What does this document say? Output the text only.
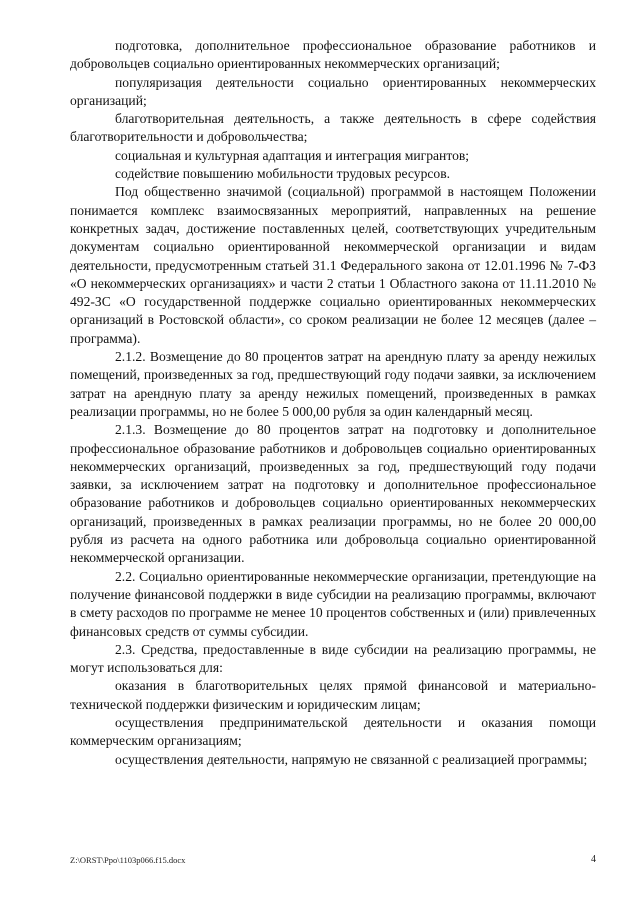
подготовка, дополнительное профессиональное образование работников и добровольцев социально ориентированных некоммерческих организаций;

популяризация деятельности социально ориентированных некоммерческих организаций;

благотворительная деятельность, а также деятельность в сфере содействия благотворительности и добровольчества;

социальная и культурная адаптация и интеграция мигрантов;

содействие повышению мобильности трудовых ресурсов.

Под общественно значимой (социальной) программой в настоящем Положении понимается комплекс взаимосвязанных мероприятий, направленных на решение конкретных задач, достижение поставленных целей, соответствующих учредительным документам социально ориентированной некоммерческой организации и видам деятельности, предусмотренным статьей 31.1 Федерального закона от 12.01.1996 № 7-ФЗ «О некоммерческих организациях» и части 2 статьи 1 Областного закона от 11.11.2010 № 492-ЗС «О государственной поддержке социально ориентированных некоммерческих организаций в Ростовской области», со сроком реализации не более 12 месяцев (далее – программа).

2.1.2. Возмещение до 80 процентов затрат на арендную плату за аренду нежилых помещений, произведенных за год, предшествующий году подачи заявки, за исключением затрат на арендную плату за аренду нежилых помещений, произведенных в рамках реализации программы, но не более 5 000,00 рубля за один календарный месяц.

2.1.3. Возмещение до 80 процентов затрат на подготовку и дополнительное профессиональное образование работников и добровольцев социально ориентированных некоммерческих организаций, произведенных за год, предшествующий году подачи заявки, за исключением затрат на подготовку и дополнительное профессиональное образование работников и добровольцев социально ориентированных некоммерческих организаций, произведенных в рамках реализации программы, но не более 20 000,00 рубля из расчета на одного работника или добровольца социально ориентированной некоммерческой организации.

2.2. Социально ориентированные некоммерческие организации, претендующие на получение финансовой поддержки в виде субсидии на реализацию программы, включают в смету расходов по программе не менее 10 процентов собственных и (или) привлеченных финансовых средств от суммы субсидии.

2.3. Средства, предоставленные в виде субсидии на реализацию программы, не могут использоваться для:

оказания в благотворительных целях прямой финансовой и материально-технической поддержки физическим и юридическим лицам;

осуществления предпринимательской деятельности и оказания помощи коммерческим организациям;

осуществления деятельности, напрямую не связанной с реализацией программы;

Z:\ORST\Ppo\1103p066.f15.docx	4
